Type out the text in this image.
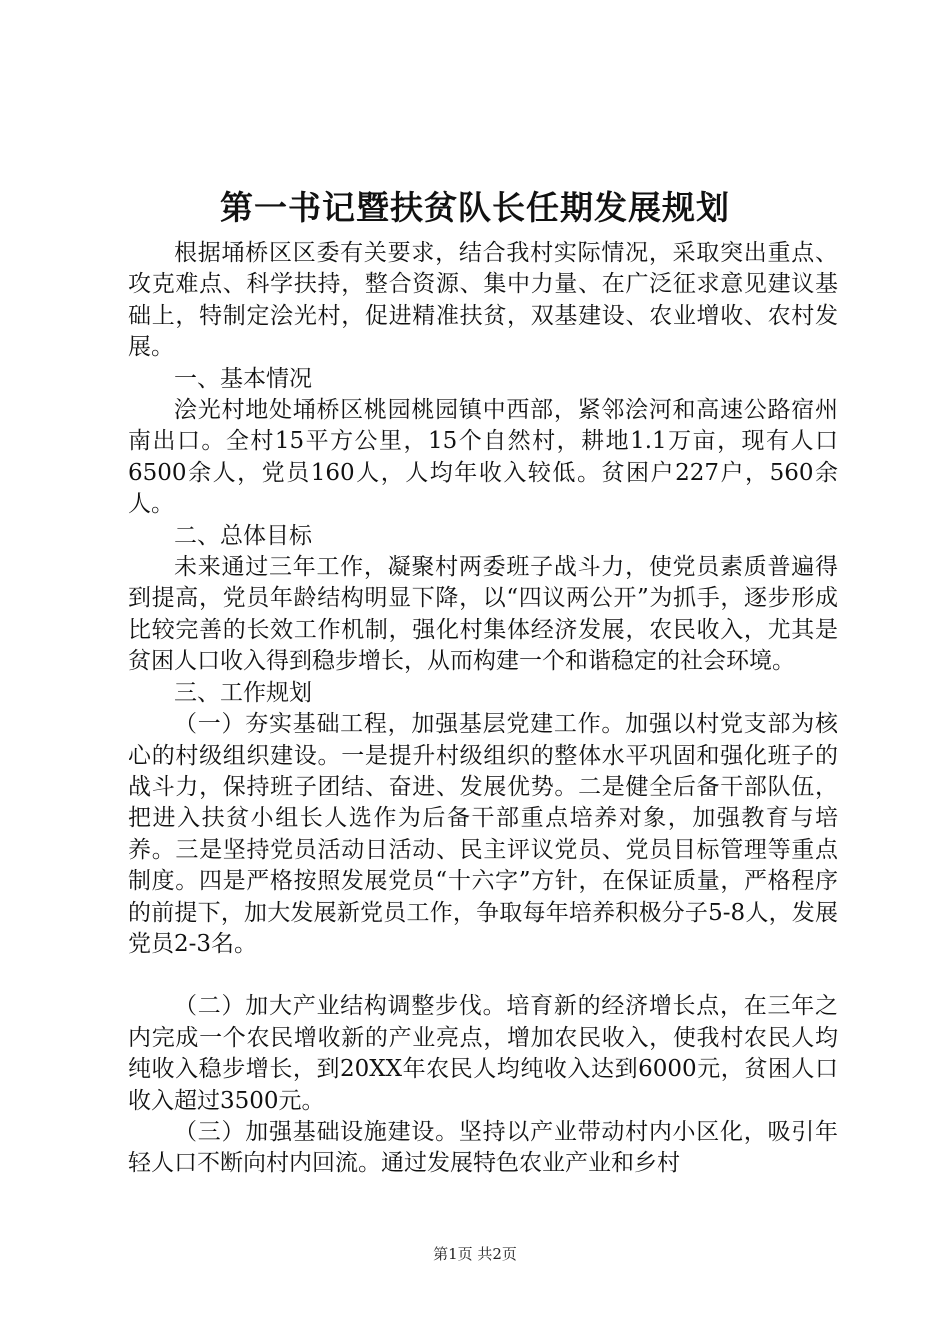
第一书记暨扶贫队长任期发展规划

根据埇桥区区委有关要求，结合我村实际情况，采取突出重点、攻克难点、科学扶持，整合资源、集中力量、在广泛征求意见建议基础上，特制定浍光村，促进精准扶贫，双基建设、农业增收、农村发展。

一、基本情况

浍光村地处埇桥区桃园桃园镇中西部，紧邻浍河和高速公路宿州南出口。全村15平方公里，15个自然村，耕地1.1万亩，现有人口6500余人，党员160人，人均年收入较低。贫困户227户，560余人。

二、总体目标

未来通过三年工作，凝聚村两委班子战斗力，使党员素质普遍得到提高，党员年龄结构明显下降，以“四议两公开”为抓手，逐步形成比较完善的长效工作机制，强化村集体经济发展，农民收入，尤其是贫困人口收入得到稳步增长，从而构建一个和谐稳定的社会环境。

三、工作规划

（一）夯实基础工程，加强基层党建工作。加强以村党支部为核心的村级组织建设。一是提升村级组织的整体水平巩固和强化班子的战斗力，保持班子团结、奋进、发展优势。二是健全后备干部队伍，把进入扶贫小组长人选作为后备干部重点培养对象，加强教育与培养。三是坚持党员活动日活动、民主评议党员、党员目标管理等重点制度。四是严格按照发展党员“十六字”方针，在保证质量，严格程序的前提下，加大发展新党员工作，争取每年培养积极分子5-8人，发展党员2-3名。

（二）加大产业结构调整步伐。培育新的经济增长点，在三年之内完成一个农民增收新的产业亮点，增加农民收入，使我村农民人均纯收入稳步增长，到20XX年农民人均纯收入达到6000元，贫困人口收入超过3500元。

（三）加强基础设施建设。坚持以产业带动村内小区化，吸引年轻人口不断向村内回流。通过发展特色农业产业和乡村

第1页 共2页
